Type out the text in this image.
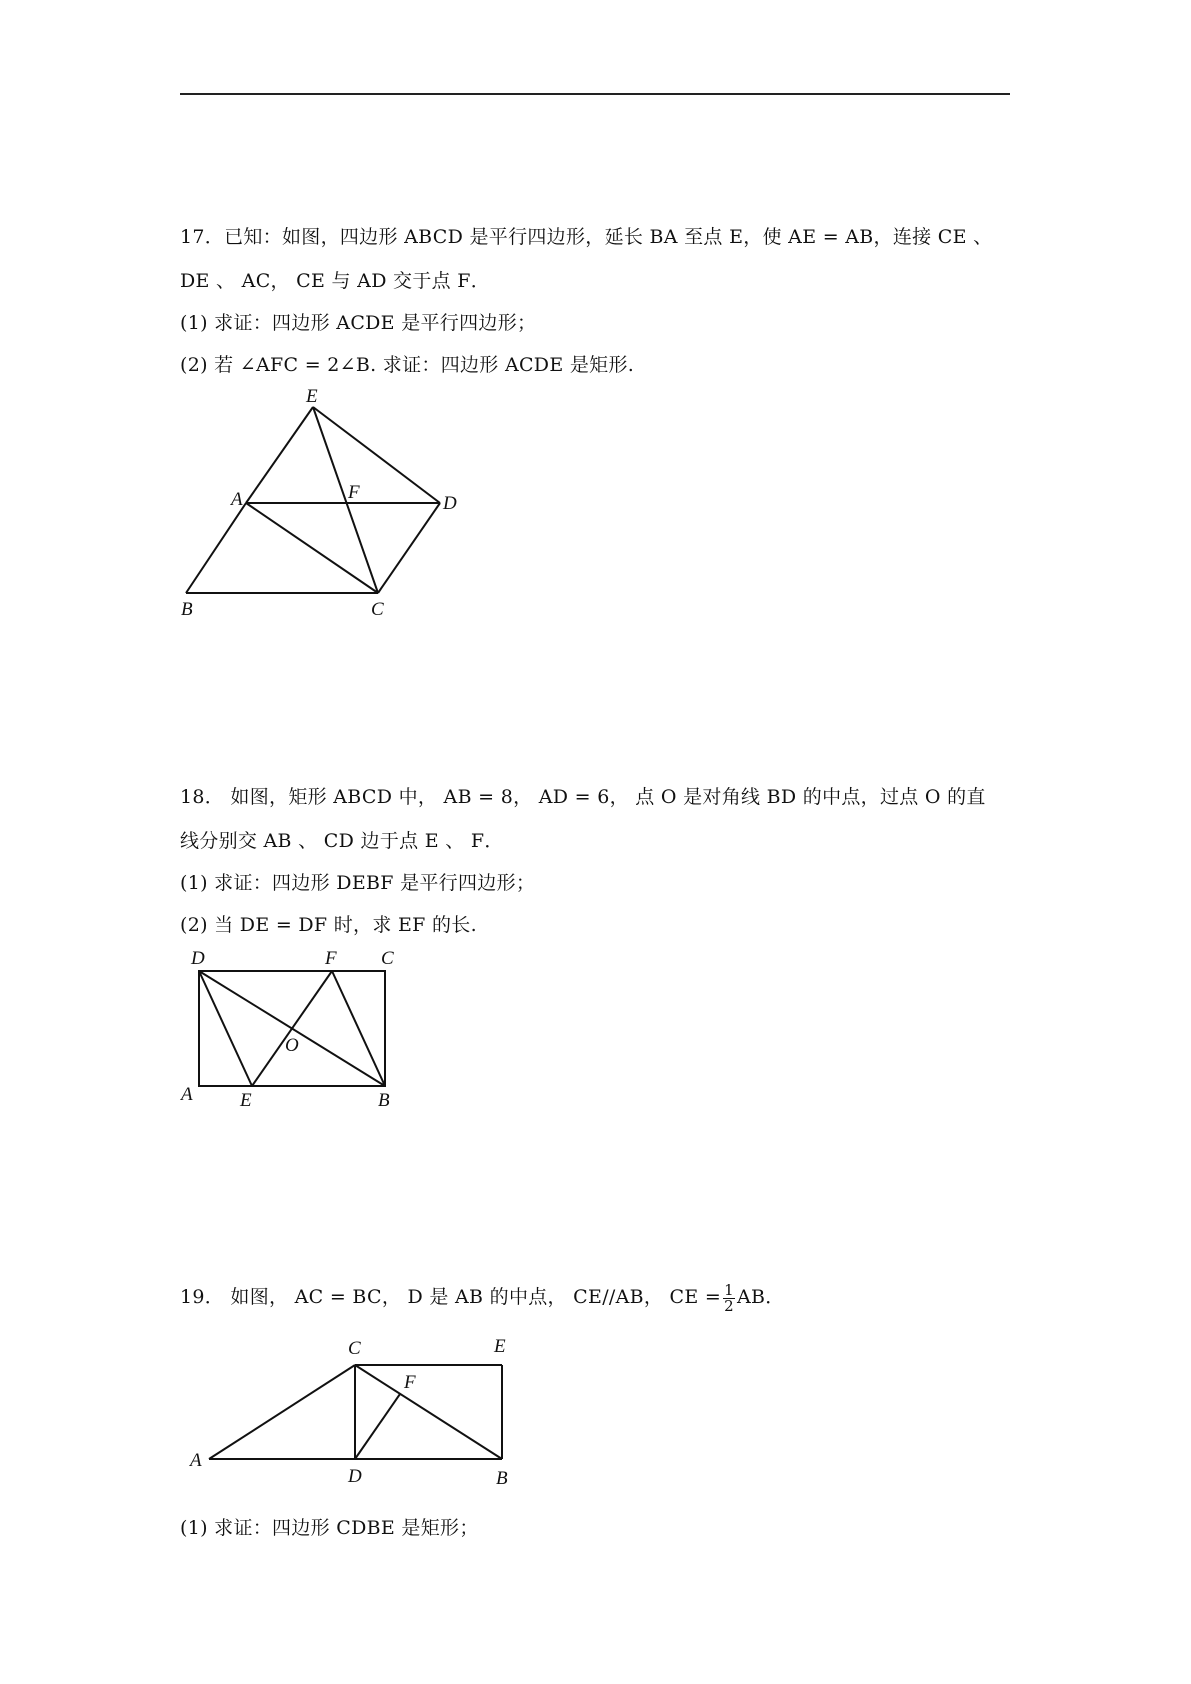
17．已知：如图，四边形 ABCD 是平行四边形，延长 BA 至点 E，使 AE = AB，连接 CE 、
DE 、 AC， CE 与 AD 交于点 F．
(1) 求证：四边形 ACDE 是平行四边形；
(2) 若 ∠AFC = 2∠B. 求证：四边形 ACDE 是矩形.
E
A	F
D
B	C
18． 如图，矩形 ABCD 中， AB = 8， AD = 6， 点 O 是对角线 BD 的中点，过点 O 的直
线分别交 AB 、 CD 边于点 E 、 F．
(1) 求证：四边形 DEBF 是平行四边形；
(2) 当 DE = DF 时，求 EF 的长.
D	F C
O
A E	B
19． 如图， AC = BC， D 是 AB 的中点， CE//AB， CE = $\frac{1}{2}$ AB．
C	E
F
A
D	B
(1) 求证：四边形 CDBE 是矩形；
